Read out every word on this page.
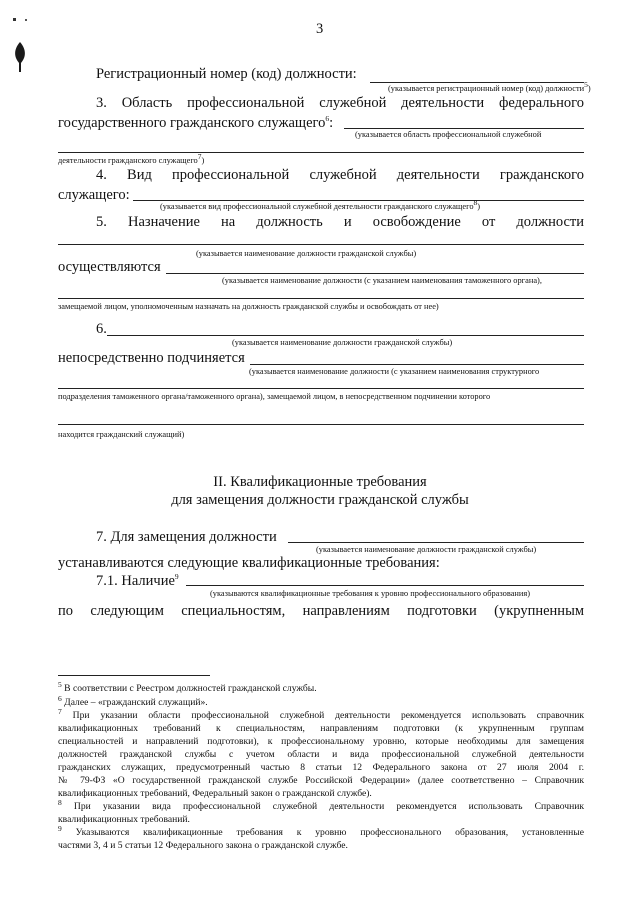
3
Регистрационный номер (код) должности:
(указывается регистрационный номер (код) должности$^5$)
3. Область профессиональной служебной деятельности федерального
государственного гражданского служащего$^6$:
(указывается область профессиональной служебной
деятельности гражданского служащего$^7$)
4. Вид профессиональной служебной деятельности гражданского
служащего:
(указывается вид профессиональной служебной деятельности гражданского служащего$^8$)
5. Назначение на должность и освобождение от должности
(указывается наименование должности гражданской службы)
осуществляются
(указывается наименование должности (с указанием наименования таможенного органа),
замещаемой лицом, уполномоченным назначать на должность гражданской службы и освобождать от нее)
6.
(указывается наименование должности гражданской службы)
непосредственно подчиняется
(указывается наименование должности (с указанием наименования структурного
подразделения таможенного органа/таможенного органа), замещаемой лицом, в непосредственном подчинении которого
находится гражданский служащий)
II. Квалификационные требования
для замещения должности гражданской службы
7. Для замещения должности
(указывается наименование должности гражданской службы)
устанавливаются следующие квалификационные требования:
7.1. Наличие$^9$
(указываются квалификационные требования к уровню профессионального образования)
по следующим специальностям, направлениям подготовки (укрупненным
$^5$ В соответствии с Реестром должностей гражданской службы.
$^6$ Далее – «гражданский служащий».
$^7$ При указании области профессиональной служебной деятельности рекомендуется использовать справочник
квалификационных требований к специальностям, направлениям подготовки (к укрупненным группам
специальностей и направлений подготовки), к профессиональному уровню, которые необходимы для замещения
должностей гражданской службы с учетом области и вида профессиональной служебной деятельности
гражданских служащих, предусмотренный частью 8 статьи 12 Федерального закона от 27 июля 2004 г.
№ 79-ФЗ «О государственной гражданской службе Российской Федерации» (далее соответственно – Справочник
квалификационных требований, Федеральный закон о гражданской службе).
$^8$ При указании вида профессиональной служебной деятельности рекомендуется использовать Справочник
квалификационных требований.
$^9$ Указываются квалификационные требования к уровню профессионального образования, установленные
частями 3, 4 и 5 статьи 12 Федерального закона о гражданской службе.
